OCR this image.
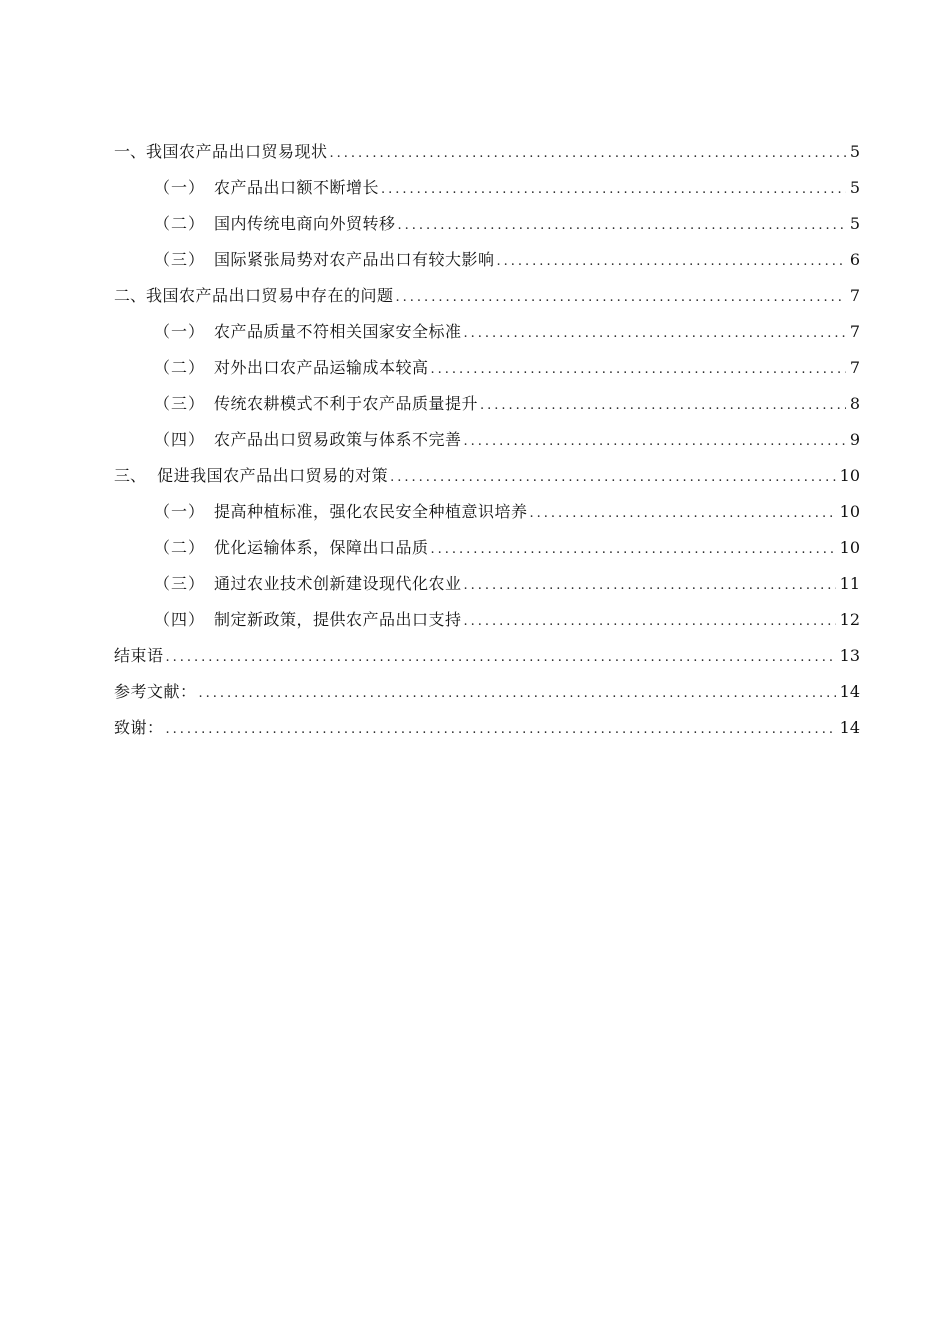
一、 我国农产品出口贸易现状 .....	5
（一） 农产品出口额不断增长 .....	5
（二） 国内传统电商向外贸转移 .....	5
（三） 国际紧张局势对农产品出口有较大影响 .....	6
二、 我国农产品出口贸易中存在的问题 .....	7
（一） 农产品质量不符相关国家安全标准 .....	7
（二） 对外出口农产品运输成本较高 .....	7
（三） 传统农耕模式不利于农产品质量提升 .....	8
（四） 农产品出口贸易政策与体系不完善 .....	9
三、 促进我国农产品出口贸易的对策 .....	10
（一） 提高种植标准，强化农民安全种植意识培养 .....	10
（二） 优化运输体系，保障出口品质 .....	10
（三） 通过农业技术创新建设现代化农业 .....	11
（四） 制定新政策，提供农产品出口支持 .....	12
结束语 .....	13
参考文献： .....	14
致谢： .....	14
